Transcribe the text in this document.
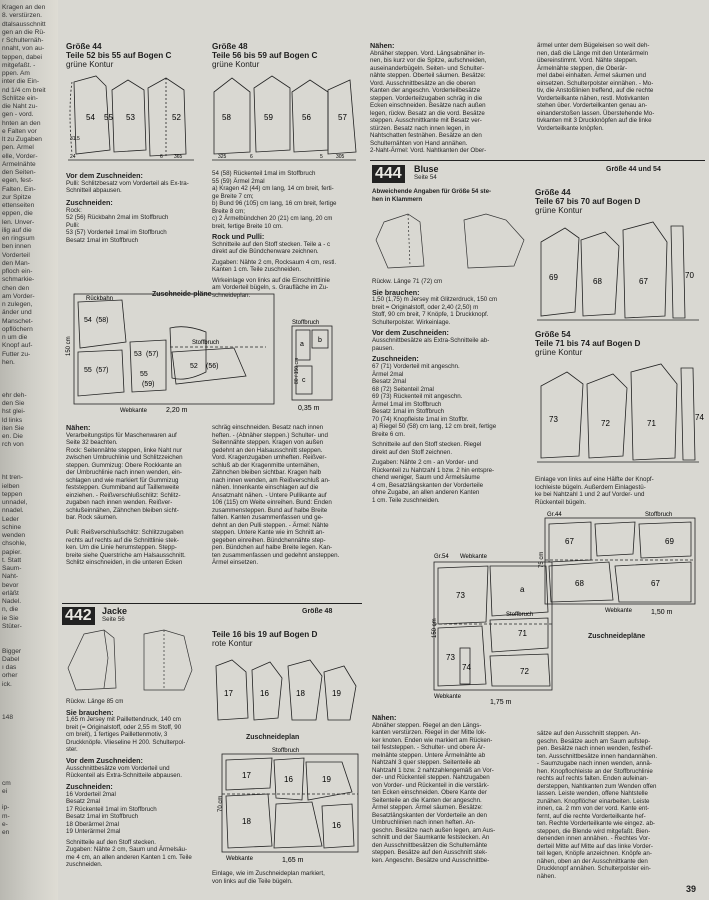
Kragen an den
8. verstürzen.
dtalsausschnitt
gen an die Rü-
r Schulternäh-
nnaht, von au-
teppen, dabei
mitgefaßt. -
ppen. Am
inter die Ein-
nd 1/4 cm breit
Schlitze ein-
die Naht zu-
gen - vord.
hnten an den
e Falten vor
lt zu Zugaben
pen. Ärmel
elle, Vorder-
Ärmelnähte
den Seiten-
egen, fest-
Falten. Ein-
zur Spitze
ettenseiten
eppen, die
len. Unver-
ilig auf die
en ringsum
ben innen
Vorderteil
den Man-
pfloch ein-
schmarkie-
chen den
am Vorder-
n zulegen,
änder und
Manschet-
opflöchern
n um die
Knopf auf-
Futter zu-
hen.
ehr deh-
den Sie
hst glei-
ld links
iten Sie
en. Die
rch von
ht tren-
ielben
teppen
unnadel,
nnadel.
Leder
schine
wenden
chsohle,
papier.
t. Statt
Saum-
Naht-
bevor
erläßt
Nadel.
n, die
ie Sie
Stüter-
Bigger
Dabel
ı das
orher
ick.
148
cm
ei
ip-
m-
e-
en
Größe 44
Teile 52 bis 55 auf Bogen C
grüne Kontur
54 55 53	52
31.5
24	6 365
Vor dem Zuschneiden:
Pulli: Schlitzbesatz vom Vorderteil als Ex-tra-Schnitteil abpausen.
Zuschneiden:
Rock:
52 (56) Rückbahn 2mal im Stoffbruch
Pulli:
53 (57) Vorderteil 1mal im Stoffbruch
Besatz 1mal im Stoffbruch
Zuschneide-pläne
Rückbahn
54 (58)
55 (57)
53 (57)
55
(59)
52 (56)
Stoffbruch
Webkante
150 cm
2,20 m
Nähen:
Verarbeitungstips für Maschenwaren auf
Seite 32 beachten.
Rock: Seitennähte steppen, linke Naht nur
zwischen Umbruchlinie und Schlitzzeichen
steppen. Gummizug: Obere Rockkante an
der Umbruchlinie nach innen wenden, ein-
schlagen und wie markiert für Gummizug
feststeppen. Gummiband auf Taillenweite
einziehen. - Reißverschlußschlitz: Schlitz-
zugaben nach innen wenden. Reißver-
schlußeinnähen, Zähnchen bleiben sicht-
bar. Rock säumen.

Pulli: Reißverschlußschlitz: Schlitzzugaben
rechts auf rechts auf die Schnittlinie stek-
ken. Um die Linie herumsteppen. Stepp-
breite siehe Querstriche am Halsausschnitt.
Schlitz einschneiden, in die unteren Ecken
Größe 48
Teile 56 bis 59 auf Bogen C
grüne Kontur
58	59	56	57
325	6	5	305
54 (58) Rückenteil 1mal im Stoffbruch
55 (59) Ärmel 2mal
a) Kragen 42 (44) cm lang, 14 cm breit, ferti-
ge Breite 7 cm;
b) Bund 96 (105) cm lang, 16 cm breit, fertige
Breite 8 cm;
c) 2 Ärmelbündchen 20 (21) cm lang, 20 cm
breit, fertige Breite 10 cm.
Rock und Pulli:
Schnitteile auf den Stoff stecken. Teile a - c
direkt auf die Bündchenware zeichnen.
Zugaben: Nähte 2 cm, Rocksaum 4 cm, restl.
Kanten 1 cm. Teile zuschneiden.
Wirkeinlage von links auf die Einschnittlinie
am Vorderteil bügeln, s. Graufläche im Zu-
schneideplan.
Stoffbruch
a
b
c
80 / 150 cm
0,35 m
schräg einschneiden. Besatz nach innen
heften. - (Abnäher steppen.) Schulter- und
Seitennähte steppen. Kragen von außen
gedehnt an den Halsausschnitt steppen.
Vord. Kragenzugaben umheften. Reißver-
schluß ab der Kragenmitte unternähen,
Zähnchen bleiben sichtbar. Kragen halb
nach innen wenden, am Reißverschluß an-
nähen. Innenkante einschlagen auf die
Ansatznaht nähen. - Untere Pullikante auf
106 (115) cm Weite einreihen. Bund: Enden
zusammensteppen. Bund auf halbe Breite
falten. Kanten zusammenfassen und ge-
dehnt an den Pulli steppen. - Ärmel: Nähte
steppen. Untere Kante wie im Schnitt an-
gegeben einreihen. Bündchennähte step-
pen. Bündchen auf halbe Breite legen. Kan-
ten zusammenfassen und gedehnt ansteppen.
Ärmel einsetzen.
442	Jacke
Seite 56
Größe 48
Rückw. Länge 85 cm
Sie brauchen:
1,65 m Jersey mit Paillettendruck, 140 cm
breit (= Originalstoff, oder 2,55 m Stoff, 90
cm breit), 1 fertiges Paillettenmotiv, 3
Druckknöpfe. Vlieseline H 200. Schulterpol-
ster.
Vor dem Zuschneiden:
Ausschnittbesätze vom Vorderteil und
Rückenteil als Extra-Schnitteile abpausen.
Zuschneiden:
16 Vorderteil 2mal
Besatz 2mal
17 Rückenteil 1mal im Stoffbruch
Besatz 1mal im Stoffbruch
18 Oberärmel 2mal
19 Unterärmel 2mal
Schnitteile auf den Stoff stecken.
Zugaben: Nähte 2 cm, Saum und Ärmelsäu-
me 4 cm, an allen anderen Kanten 1 cm. Teile
zuschneiden.
Teile 16 bis 19 auf Bogen D
rote Kontur
17	16	18	19
Zuschneideplan
Stoffbruch
17	16	19
18	16
Webkante
70 cm
1,65 m
Einlage, wie im Zuschneideplan markiert,
von links auf die Teile bügeln.
Nähen:
Abnäher steppen. Vord. Längsabnäher in-
nen, bis kurz vor die Spitze, aufschneiden,
auseinanderbügeln. Seiten- und Schulter-
nähte steppen. Oberteil säumen. Besätze:
Vord. Ausschnittbesätze an die oberen
Kanten der angeschn. Vorderteilbesätze
steppen. Vorderteilzugaben schräg in die
Ecken einschneiden. Besätze nach außen
legen, rückw. Besatz an die vord. Besätze
steppen. Ausschnittkante mit Besatz ver-
stürzen. Besatz nach innen legen, in
Nahtschatten festnähen. Besätze an den
Schulternähten von Hand annähen.
2-Naht-Ärmel: Vord. Nahtkanten der Ober-
ärmel unter dem Bügeleisen so weit deh-
nen, daß die Länge mit den Unterärmeln
übereinstimmt. Vord. Nähte steppen.
Ärmelnähte steppen, die Oberär-
mel dabei einhalten. Ärmel säumen und
einsetzen. Schulterpolster einnähen. - Mo-
tiv, die Anstoßlinien treffend, auf die rechte
Vorderteilkante nähen, restl. Motivkanten
stehen über. Vorderteilkanten genau an-
einanderstoßen lassen. Überstehende Mo-
tivkanten mit 3 Druckknöpfen auf die linke
Vorderteilkante knöpfen.
444	Bluse
Seite 54
Größe 44 und 54
Abweichende Angaben für Größe 54 ste-
hen in Klammern
Rückw. Länge 71 (72) cm
Sie brauchen:
1,50 (1,75) m Jersey mit Glitzerdruck, 150 cm
breit = Originalstoff, oder 2,40 (2,50) m
Stoff, 90 cm breit, 7 Knöpfe, 1 Druckknopf.
Schulterpolster. Wirkeinlage.
Vor dem Zuschneiden:
Ausschnittbesätze als Extra-Schnitteile ab-
pausen.
Zuschneiden:
67 (71) Vorderteil mit angeschn.
Ärmel 2mal
Besatz 2mal
68 (72) Seitenteil 2mal
69 (73) Rückenteil mit angeschn.
Ärmel 1mal im Stoffbruch
Besatz 1mal im Stoffbruch
70 (74) Knopfleiste 1mal im Stoffbr.
a) Riegel 50 (58) cm lang, 12 cm breit, fertige
Breite 6 cm.
Schnitteile auf den Stoff stecken. Riegel
direkt auf den Stoff zeichnen.
Zugaben: Nähte 2 cm - an Vorder- und
Rückenteil zu Nahtzahl 1 bzw. 2 hin entspre-
chend weniger, Saum und Ärmelsäume
4 cm, Besatzlängskanten der Vorderteile
ohne Zugabe, an allen anderen Kanten
1 cm. Teile zuschneiden.
Größe 44
Teile 67 bis 70 auf Bogen D
grüne Kontur
69	68	67
70
Größe 54
Teile 71 bis 74 auf Bogen D
grüne Kontur
73	72	71
74
Einlage von links auf eine Hälfte der Knopf-
lochleiste bügeln. Außerdem Einlagestü-
ke bei Nahtzahl 1 und 2 auf Vorder- und
Rückenteil bügeln.
Gr.44	Stoffbruch
67	69
68	67
75 cm
Webkante	1,50 m
Gr.54 Webkante
Stoffbruch
73
71
a
74
73
72
150 cm
Webkante
1,75 m
Zuschneidepläne
Nähen:
Abnäher steppen. Riegel an den Längs-
kanten verstürzen. Riegel in der Mitte lok-
ker knoten. Enden wie markiert am Rücken-
teil feststeppen. - Schulter- und obere Är-
melnähte steppen. Untere Ärmelnähte ab
Nahtzahl 3 quer steppen. Seitenteile ab
Nahtzahl 1 bzw. 2 nahtzahlengemäß an Vor-
der- und Rückenteil steppen. Nahtzugaben
von Vorder- und Rückenteil in die verstärk-
ten Ecken einschneiden. Obere Kante der
Seitenteile an die Kanten der angeschn.
Ärmel steppen. Ärmel säumen. Besätze:
Besatzlängskanten der Vorderteile an den
Umbruchlinien nach innen heften. An-
geschn. Besätze nach außen legen, am Aus-
schnitt und der Saumkante feststecken. An
den Ausschnittbesätzen die Schulternähte
steppen. Besätze auf den Ausschnitt stek-
ken. Angeschn. Besätze und Ausschnittbe-
sätze auf den Ausschnitt steppen. An-
geschn. Besätze auch am Saum aufstep-
pen. Besätze nach innen wenden, festhef-
ten. Ausschnittbesätze innen handannähen.
- Saumzugabe nach innen wenden, annä-
hen. Knopflochleiste an der Stoffbruchlinie
rechts auf rechts falten. Enden aufeinan-
dersteppen, Nahtkanten zum Wenden offen
lassen. Leiste wenden, offene Nahtstelle
zunähen. Knopflöcher einarbeiten. Leiste
innen, ca. 2 mm von der vord. Kante ent-
fernt, auf die rechte Vorderteilkante hef-
ten. Rechte Vorderteilkante wie eingez. ab-
steppen, die Blende wird mitgefaßt. Bien-
denenden innen annähen. - Rechtes Vor-
derteil Mitte auf Mitte auf das linke Vorder-
teil legen, Knöpfe anzeichnen. Knöpfe an-
nähen, oben an der Ausschnittkante den
Druckknopf annähen. Schulterpolster ein-
nähen.
39
